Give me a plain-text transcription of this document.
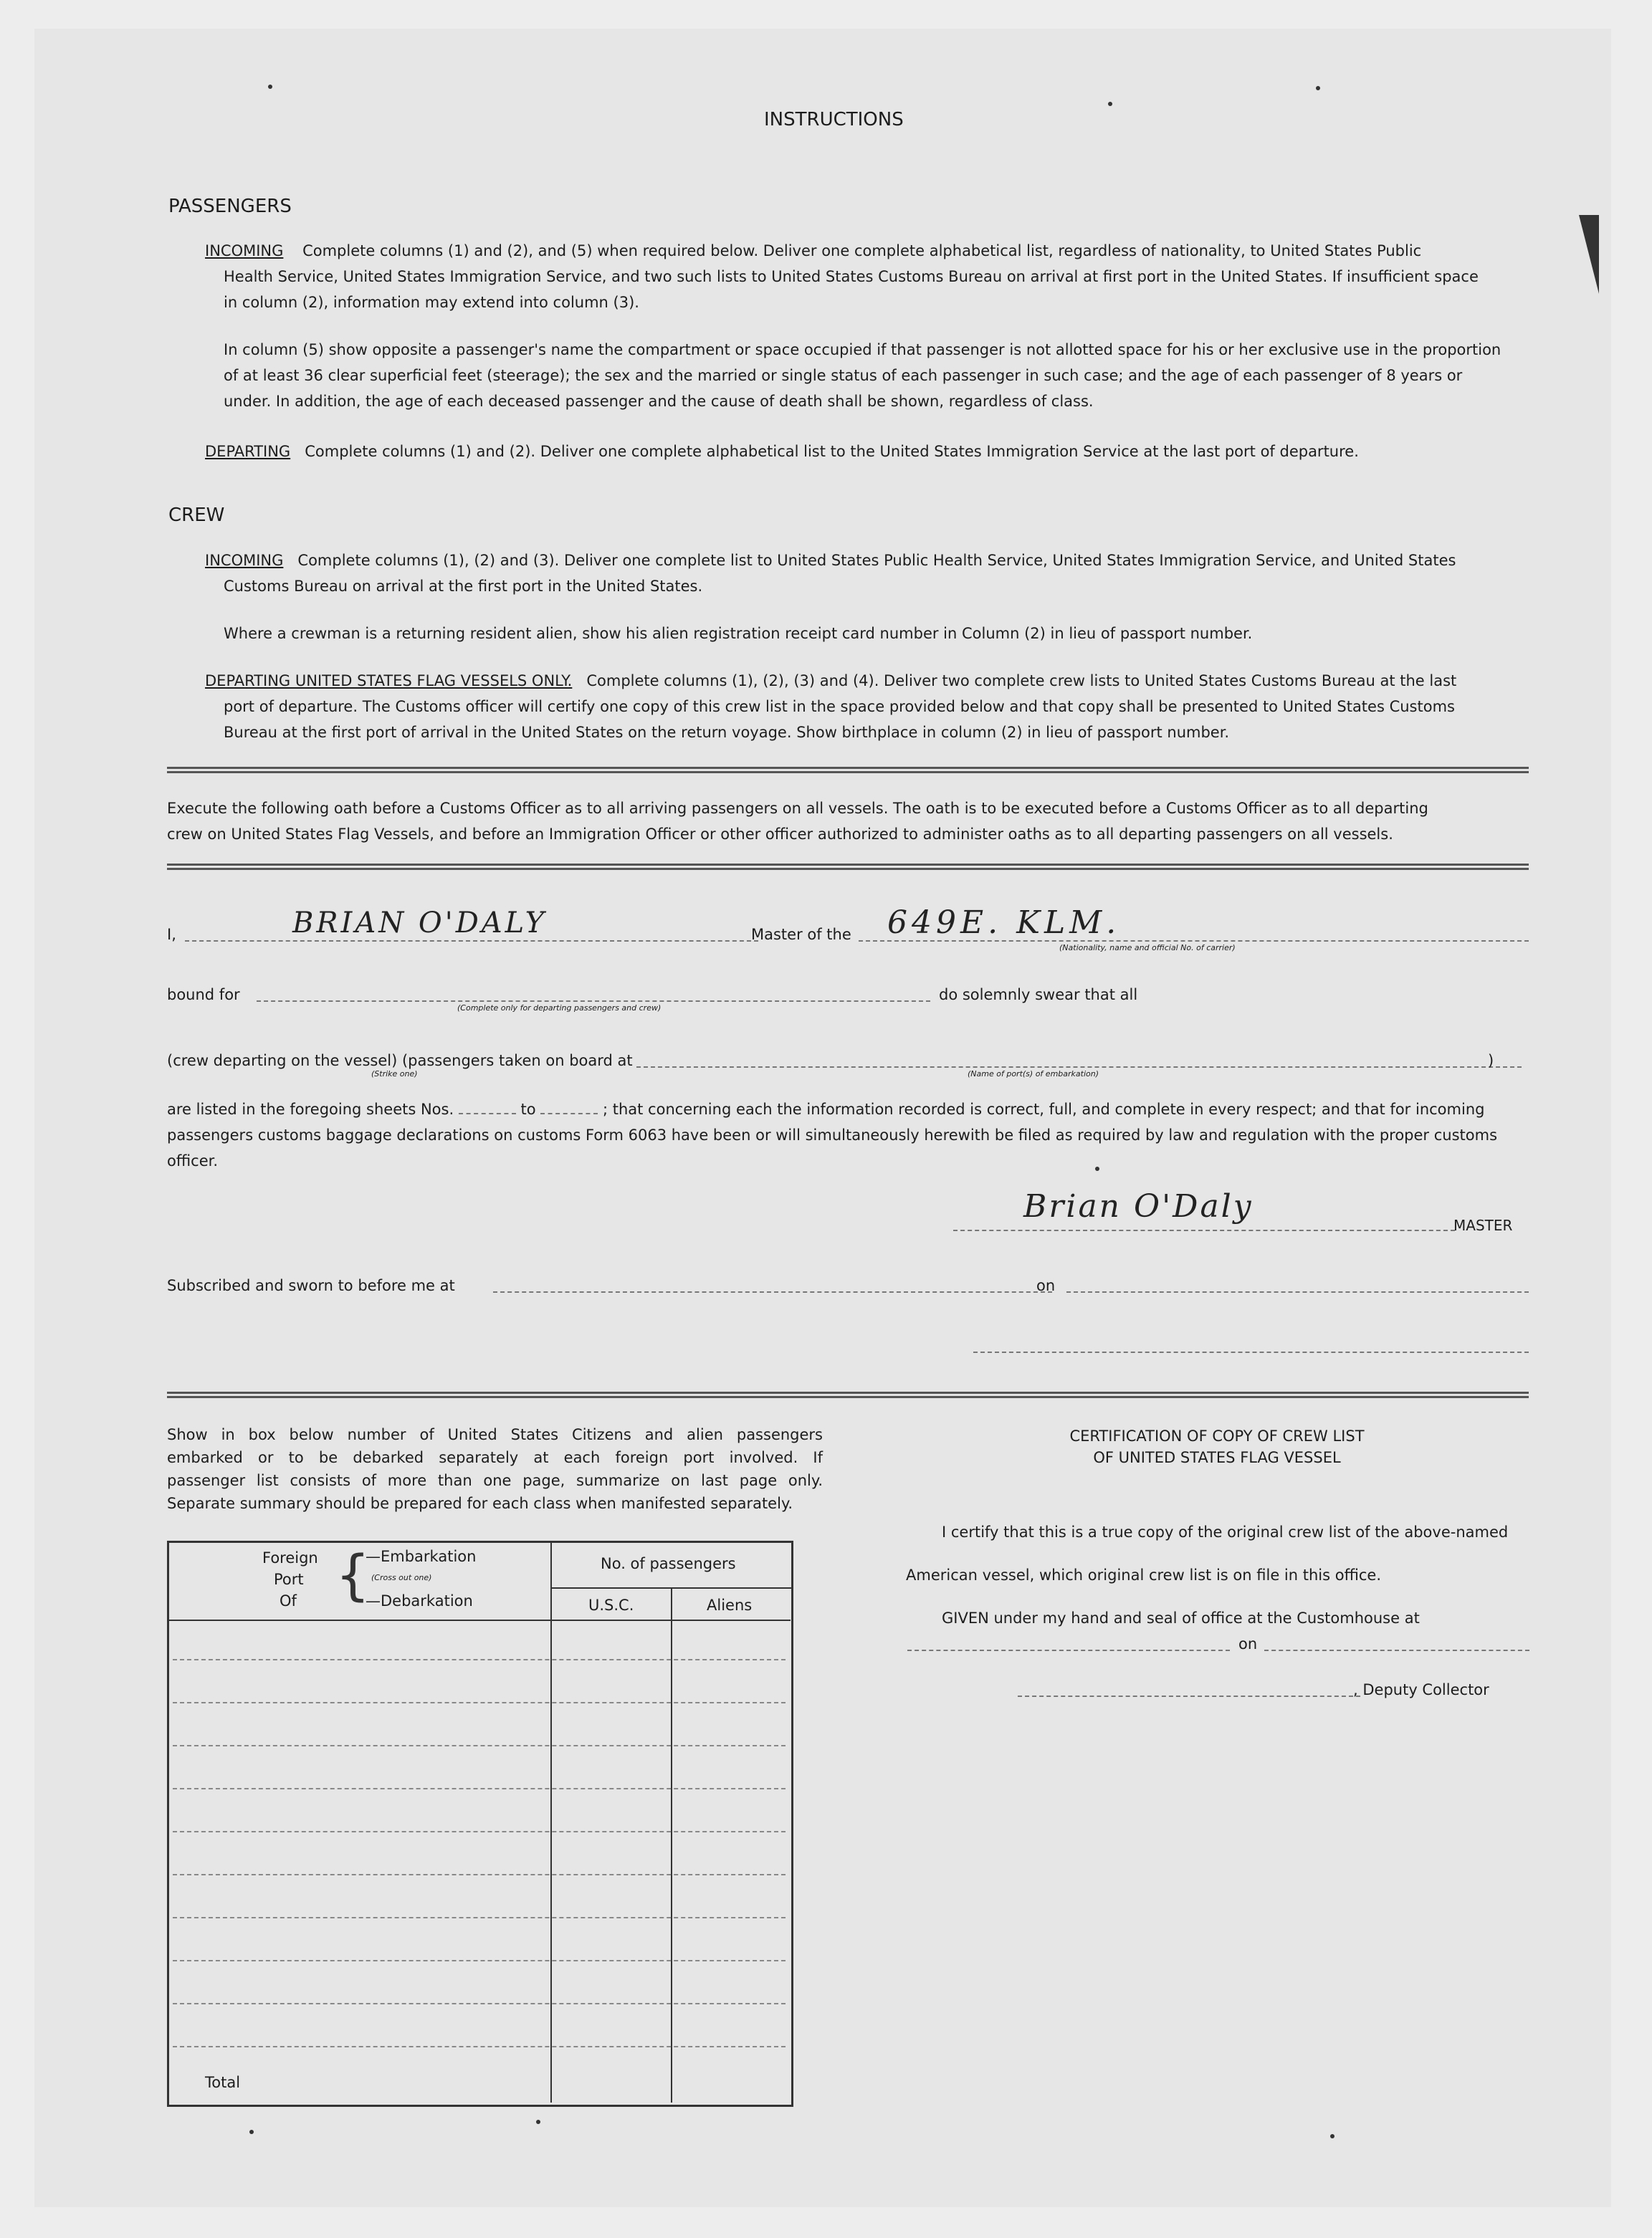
INSTRUCTIONS
PASSENGERS
INCOMING Complete columns (1) and (2), and (5) when required below. Deliver one complete alphabetical list, regardless of nationality, to United States Public
Health Service, United States Immigration Service, and two such lists to United States Customs Bureau on arrival at first port in the United States. If insufficient space
in column (2), information may extend into column (3).
In column (5) show opposite a passenger's name the compartment or space occupied if that passenger is not allotted space for his or her exclusive use in the proportion
of at least 36 clear superficial feet (steerage); the sex and the married or single status of each passenger in such case; and the age of each passenger of 8 years or
under. In addition, the age of each deceased passenger and the cause of death shall be shown, regardless of class.
DEPARTING Complete columns (1) and (2). Deliver one complete alphabetical list to the United States Immigration Service at the last port of departure.
CREW
INCOMING Complete columns (1), (2) and (3). Deliver one complete list to United States Public Health Service, United States Immigration Service, and United States
Customs Bureau on arrival at the first port in the United States.
Where a crewman is a returning resident alien, show his alien registration receipt card number in Column (2) in lieu of passport number.
DEPARTING UNITED STATES FLAG VESSELS ONLY. Complete columns (1), (2), (3) and (4). Deliver two complete crew lists to United States Customs Bureau at the last
port of departure. The Customs officer will certify one copy of this crew list in the space provided below and that copy shall be presented to United States Customs
Bureau at the first port of arrival in the United States on the return voyage. Show birthplace in column (2) in lieu of passport number.
Execute the following oath before a Customs Officer as to all arriving passengers on all vessels. The oath is to be executed before a Customs Officer as to all departing
crew on United States Flag Vessels, and before an Immigration Officer or other officer authorized to administer oaths as to all departing passengers on all vessels.
I,	BRIAN O'DALY	Master of the 649E. KLM.
(Nationality, name and official No. of carrier)
bound for
(Complete only for departing passengers and crew)
do solemnly swear that all
(crew departing on the vessel) (passengers taken on board at
(Strike one)	(Name of port(s) of embarkation)
)
are listed in the foregoing sheets Nos.	to	; that concerning each the information recorded is correct, full, and complete in every respect; and that for incoming
passengers customs baggage declarations on customs Form 6063 have been or will simultaneously herewith be filed as required by law and regulation with the proper customs
officer.
Brian O'Daly
MASTER
Subscribed and sworn to before me at	on
Show in box below number of United States Citizens and alien passengers
embarked or to be debarked separately at each foreign port involved. If
passenger list consists of more than one page, summarize on last page only.
Separate summary should be prepared for each class when manifested separately.
Foreign
Port
Of {
—Embarkation
(Cross out one)
—Debarkation
No. of passengers
U.S.C.	Aliens
Total
CERTIFICATION OF COPY OF CREW LIST
OF UNITED STATES FLAG VESSEL
I certify that this is a true copy of the original crew list of the above-named
American vessel, which original crew list is on file in this office.
GIVEN under my hand and seal of office at the Customhouse at
on
, Deputy Collector
